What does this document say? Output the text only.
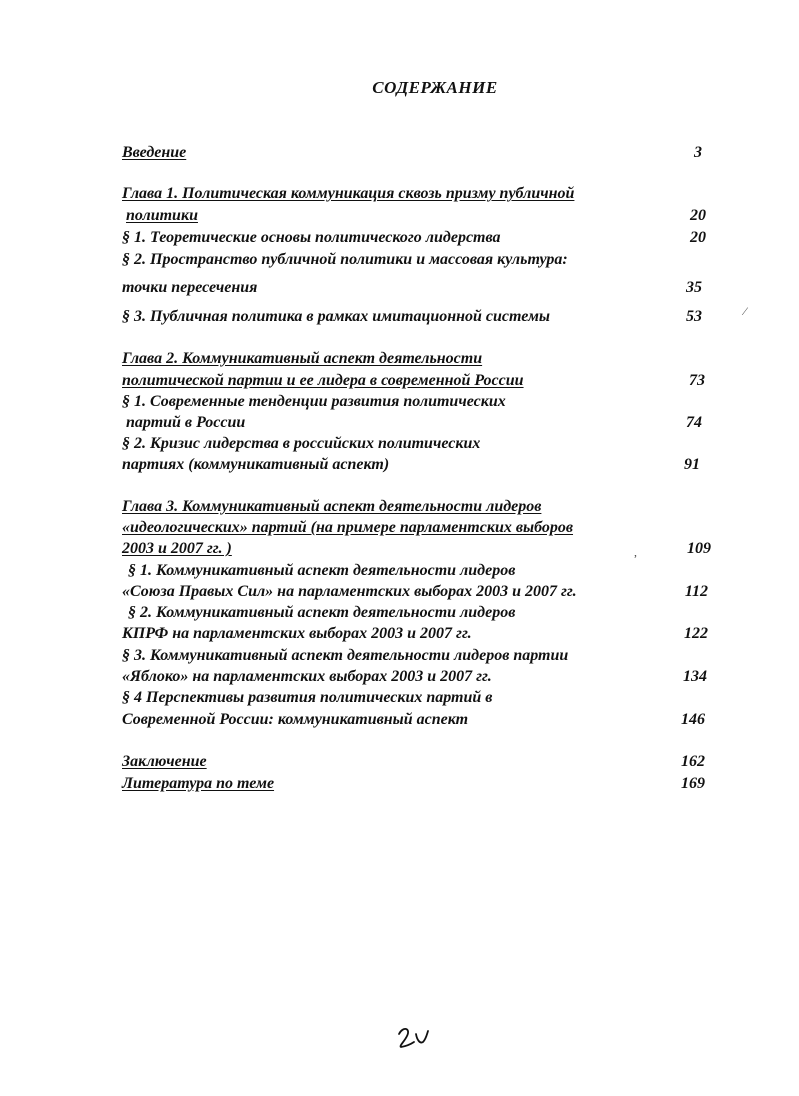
СОДЕРЖАНИЕ
Введение	3
Глава 1. Политическая коммуникация сквозь призму публичной
политики	20
§ 1. Теоретические основы политического лидерства	20
§ 2. Пространство публичной политики и массовая культура:
точки пересечения	35
§ 3. Публичная политика в рамках имитационной системы	53
Глава 2. Коммуникативный аспект деятельности
политической партии и ее лидера в современной России	73
§ 1. Современные тенденции развития политических
партий в России	74
§ 2. Кризис лидерства в российских политических
партиях (коммуникативный аспект)	91
Глава 3. Коммуникативный аспект деятельности лидеров
«идеологических» партий (на примере парламентских выборов
2003 и 2007 гг. )	109
§ 1. Коммуникативный аспект деятельности лидеров
«Союза Правых Сил» на парламентских выборах 2003 и 2007 гг.	112
§ 2. Коммуникативный аспект деятельности лидеров
КПРФ на парламентских выборах 2003 и 2007 гг.	122
§ 3. Коммуникативный аспект деятельности лидеров партии
«Яблоко» на парламентских выборах 2003 и 2007 гг.	134
§ 4 Перспективы развития политических партий в
Современной России: коммуникативный аспект	146
Заключение	162
Литература по теме	169
⁄
,
